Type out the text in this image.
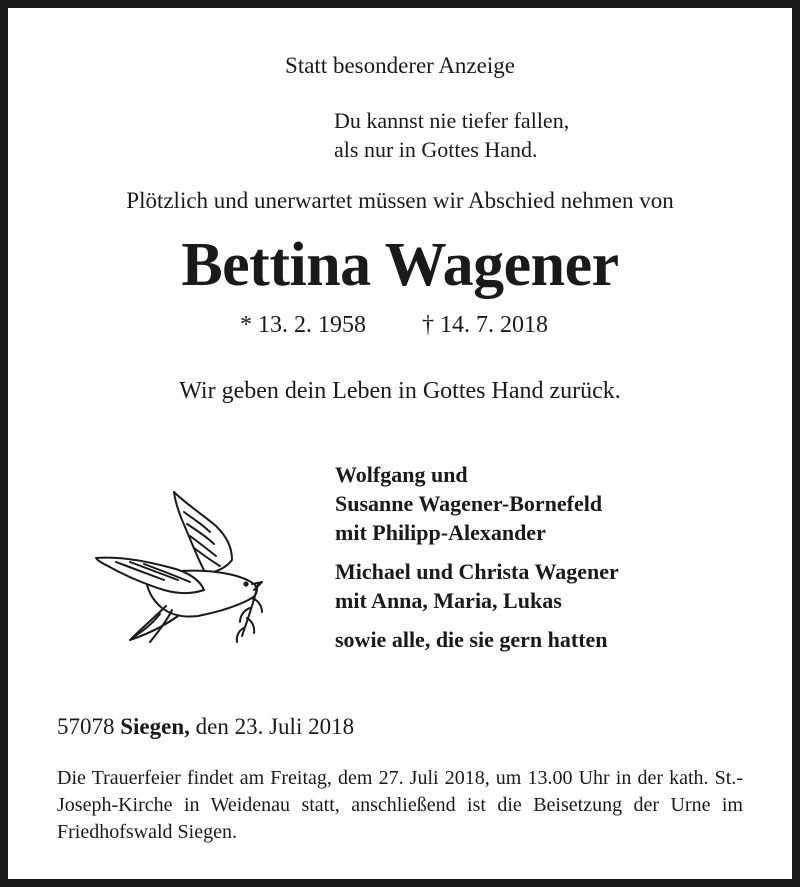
Statt besonderer Anzeige

Du kannst nie tiefer fallen,
als nur in Gottes Hand.

Plötzlich und unerwartet müssen wir Abschied nehmen von

Bettina Wagener
* 13. 2. 1958 † 14. 7. 2018

Wir geben dein Leben in Gottes Hand zurück.

Wolfgang und
Susanne Wagener-Bornefeld
mit Philipp-Alexander
Michael und Christa Wagener
mit Anna, Maria, Lukas
sowie alle, die sie gern hatten

57078 Siegen, den 23. Juli 2018

Die Trauerfeier findet am Freitag, dem 27. Juli 2018, um 13.00 Uhr in der kath. St.-Joseph-Kirche in Weidenau statt, anschließend ist die Beisetzung der Urne im Friedhofswald Siegen.
